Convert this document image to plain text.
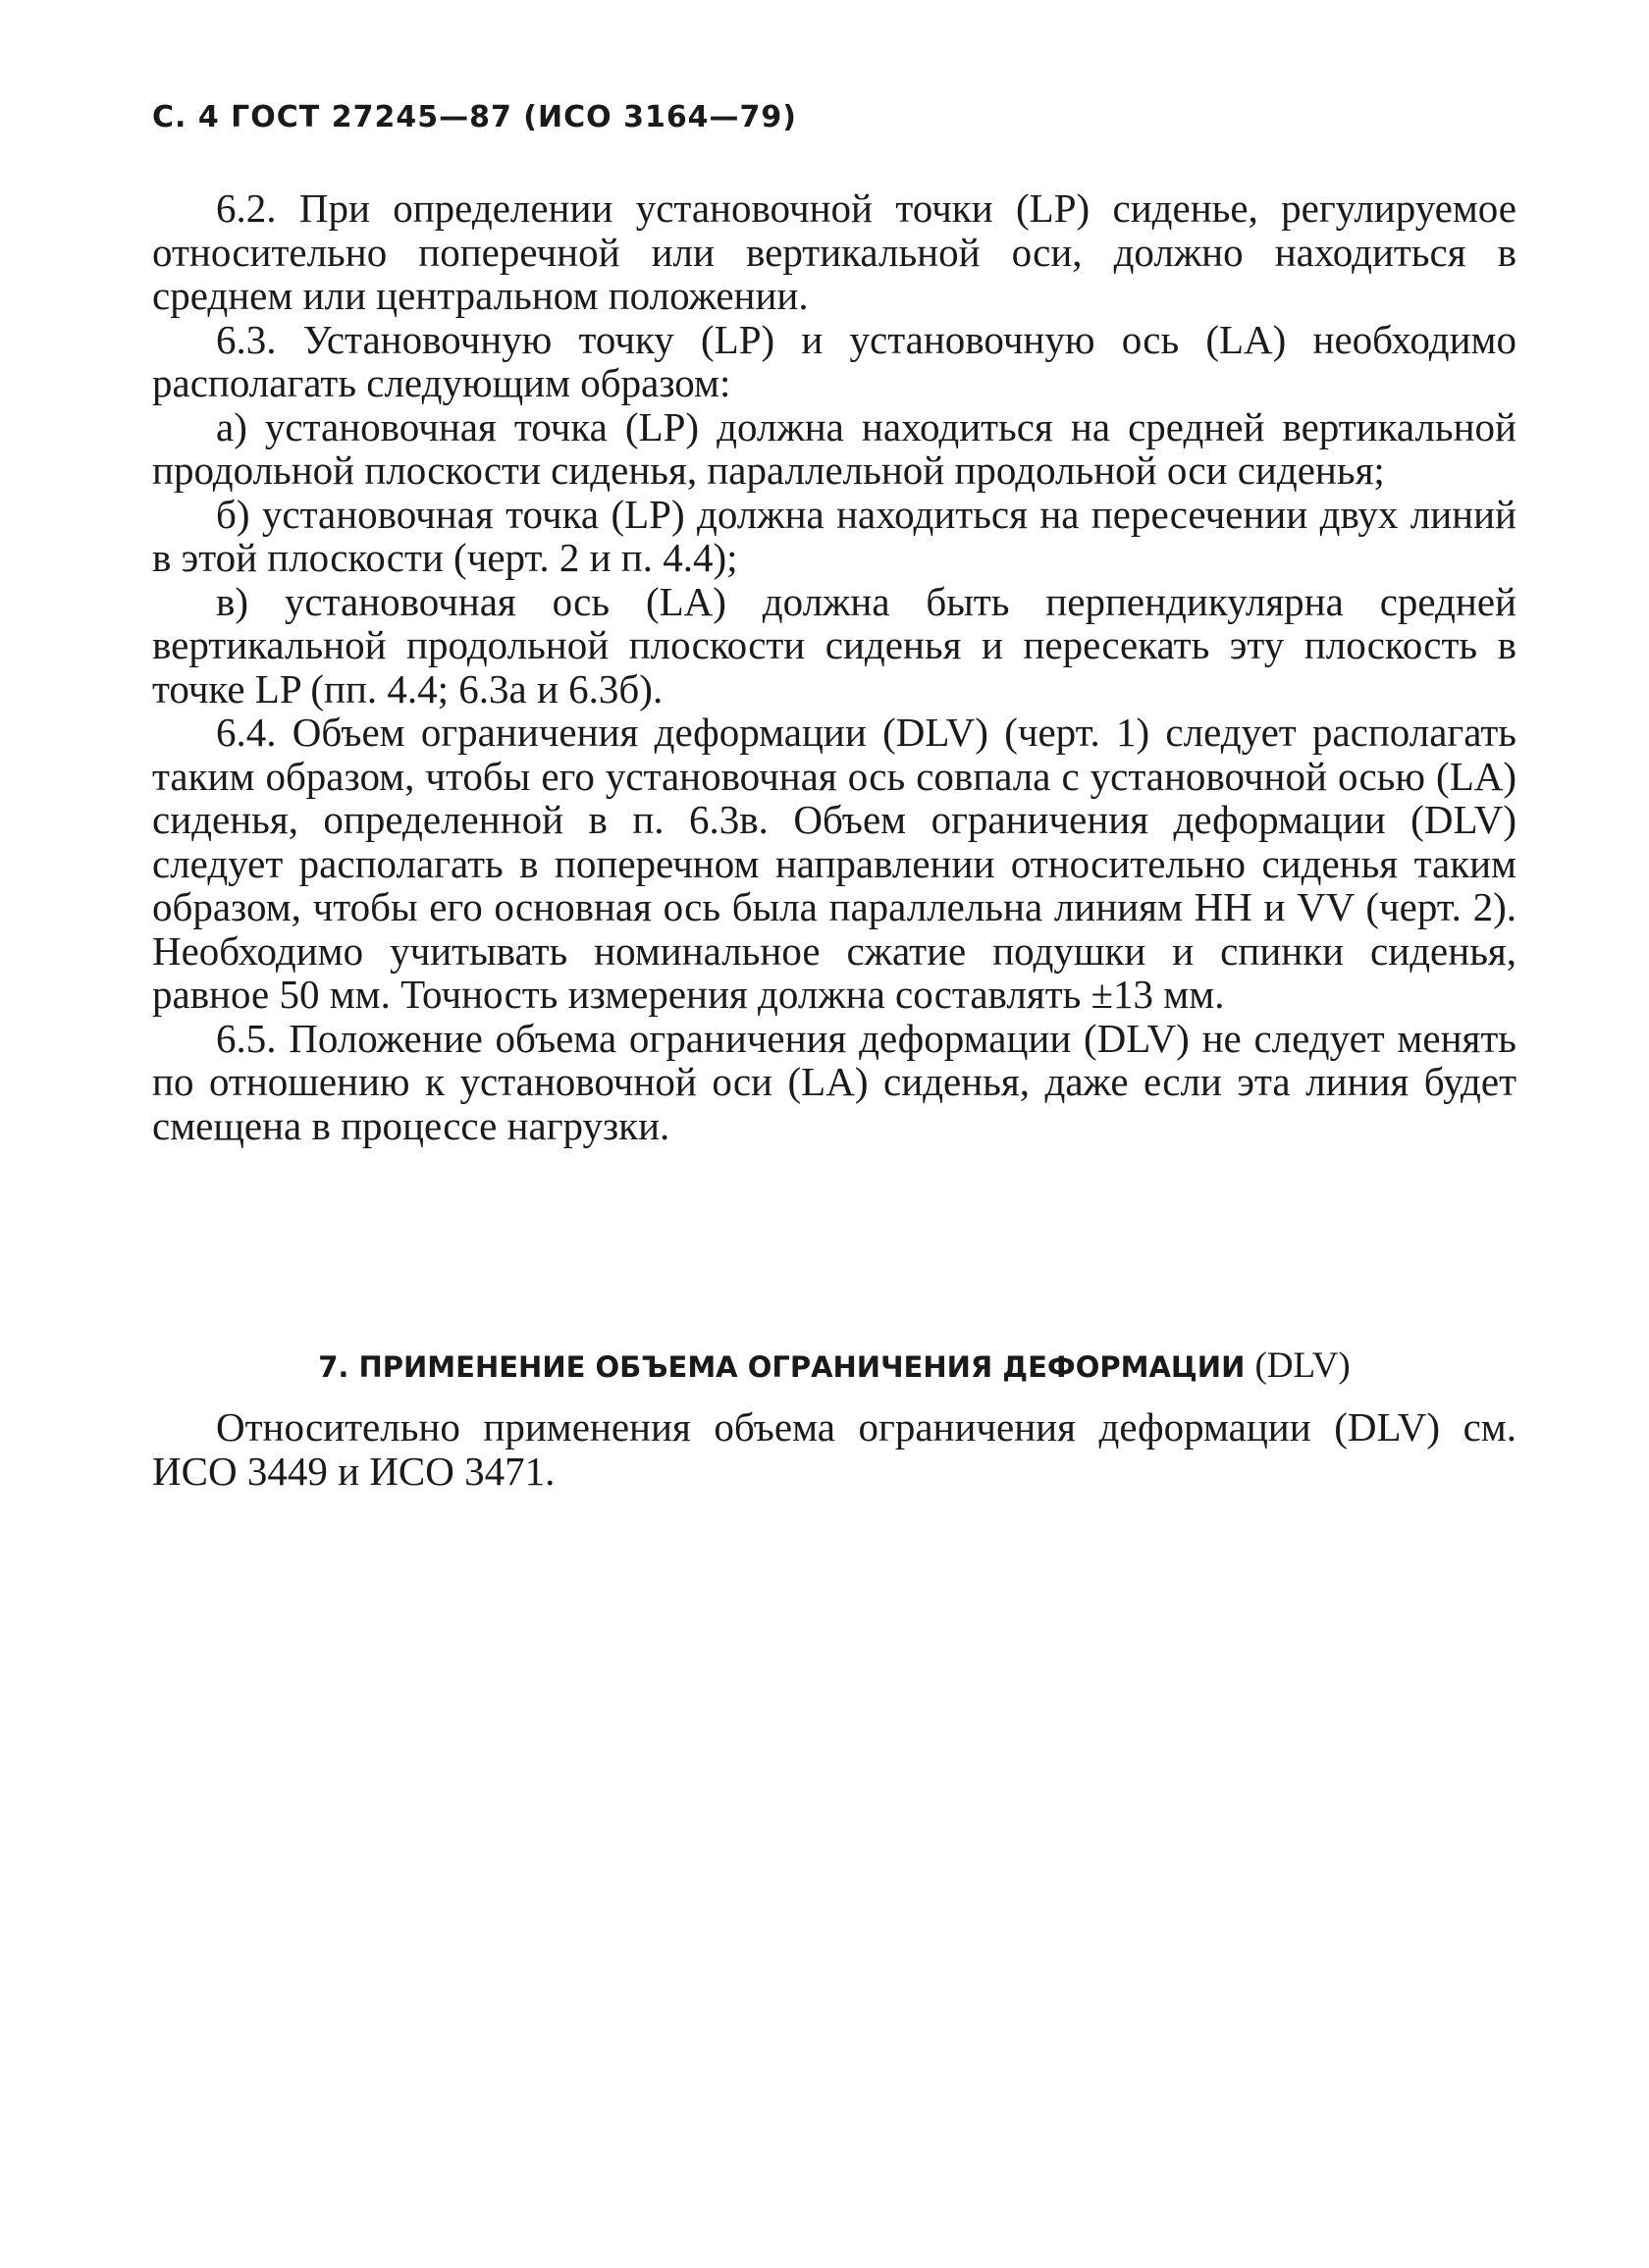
С. 4 ГОСТ 27245—87 (ИСО 3164—79)

6.2. При определении установочной точки (LP) сиденье, регулируемое относительно поперечной или вертикальной оси, должно находиться в среднем или центральном положении.

6.3. Установочную точку (LP) и установочную ось (LA) необходимо располагать следующим образом:

а) установочная точка (LP) должна находиться на средней вертикальной продольной плоскости сиденья, параллельной продольной оси сиденья;

б) установочная точка (LP) должна находиться на пересечении двух линий в этой плоскости (черт. 2 и п. 4.4);

в) установочная ось (LA) должна быть перпендикулярна средней вертикальной продольной плоскости сиденья и пересекать эту плоскость в точке LP (пп. 4.4; 6.3а и 6.3б).

6.4. Объем ограничения деформации (DLV) (черт. 1) следует располагать таким образом, чтобы его установочная ось совпала с установочной осью (LA) сиденья, определенной в п. 6.3в. Объем ограничения деформации (DLV) следует располагать в поперечном направлении относительно сиденья таким образом, чтобы его основная ось была параллельна линиям НН и VV (черт. 2). Необходимо учитывать номинальное сжатие подушки и спинки сиденья, равное 50 мм. Точность измерения должна составлять ±13 мм.

6.5. Положение объема ограничения деформации (DLV) не следует менять по отношению к установочной оси (LA) сиденья, даже если эта линия будет смещена в процессе нагрузки.

7. ПРИМЕНЕНИЕ ОБЪЕМА ОГРАНИЧЕНИЯ ДЕФОРМАЦИИ (DLV)

Относительно применения объема ограничения деформации (DLV) см. ИСО 3449 и ИСО 3471.
